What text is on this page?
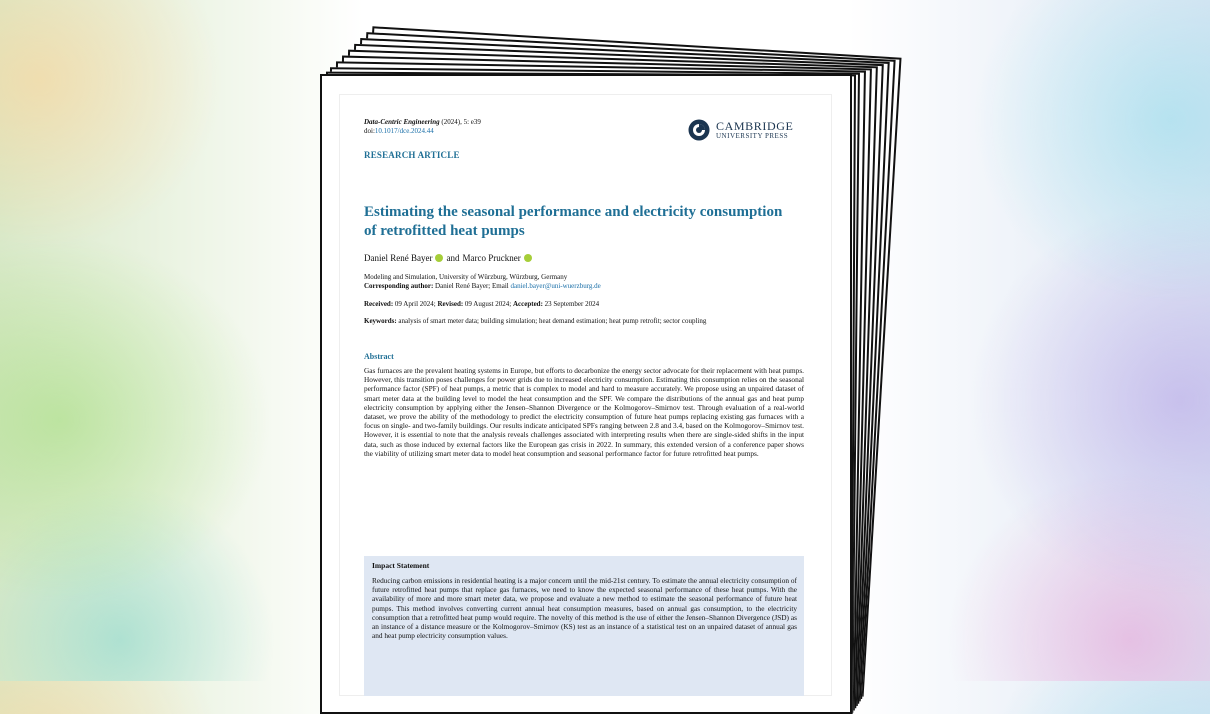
Data-Centric Engineering (2024), 5: e39
doi:10.1017/dce.2024.44	CAMBRIDGE
UNIVERSITY PRESS
RESEARCH ARTICLE
Estimating the seasonal performance and electricity consumption of retrofitted heat pumps
Daniel René Bayer and Marco Pruckner
Modeling and Simulation, University of Würzburg, Würzburg, Germany
Corresponding author: Daniel René Bayer; Email daniel.bayer@uni-wuerzburg.de
Received: 09 April 2024; Revised: 09 August 2024; Accepted: 23 September 2024
Keywords: analysis of smart meter data; building simulation; heat demand estimation; heat pump retrofit; sector coupling
Abstract
Gas furnaces are the prevalent heating systems in Europe, but efforts to decarbonize the energy sector advocate for their replacement with heat pumps. However, this transition poses challenges for power grids due to increased electricity consumption. Estimating this consumption relies on the seasonal performance factor (SPF) of heat pumps, a metric that is complex to model and hard to measure accurately. We propose using an unpaired dataset of smart meter data at the building level to model the heat consumption and the SPF. We compare the distributions of the annual gas and heat pump electricity consumption by applying either the Jensen–Shannon Divergence or the Kolmogorov–Smirnov test. Through evaluation of a real-world dataset, we prove the ability of the methodology to predict the electricity consumption of future heat pumps replacing existing gas furnaces with a focus on single- and two-family buildings. Our results indicate anticipated SPFs ranging between 2.8 and 3.4, based on the Kolmogorov–Smirnov test. However, it is essential to note that the analysis reveals challenges associated with interpreting results when there are single-sided shifts in the input data, such as those induced by external factors like the European gas crisis in 2022. In summary, this extended version of a conference paper shows the viability of utilizing smart meter data to model heat consumption and seasonal performance factor for future retrofitted heat pumps.
Impact Statement
Reducing carbon emissions in residential heating is a major concern until the mid-21st century. To estimate the annual electricity consumption of future retrofitted heat pumps that replace gas furnaces, we need to know the expected seasonal performance of these heat pumps. With the availability of more and more smart meter data, we propose and evaluate a new method to estimate the seasonal performance of future heat pumps. This method involves converting current annual heat consumption measures, based on annual gas consumption, to the electricity consumption that a retrofitted heat pump would require. The novelty of this method is the use of either the Jensen–Shannon Divergence (JSD) as an instance of a distance measure or the Kolmogorov–Smirnov (KS) test as an instance of a statistical test on an unpaired dataset of annual gas and heat pump electricity consumption values.
